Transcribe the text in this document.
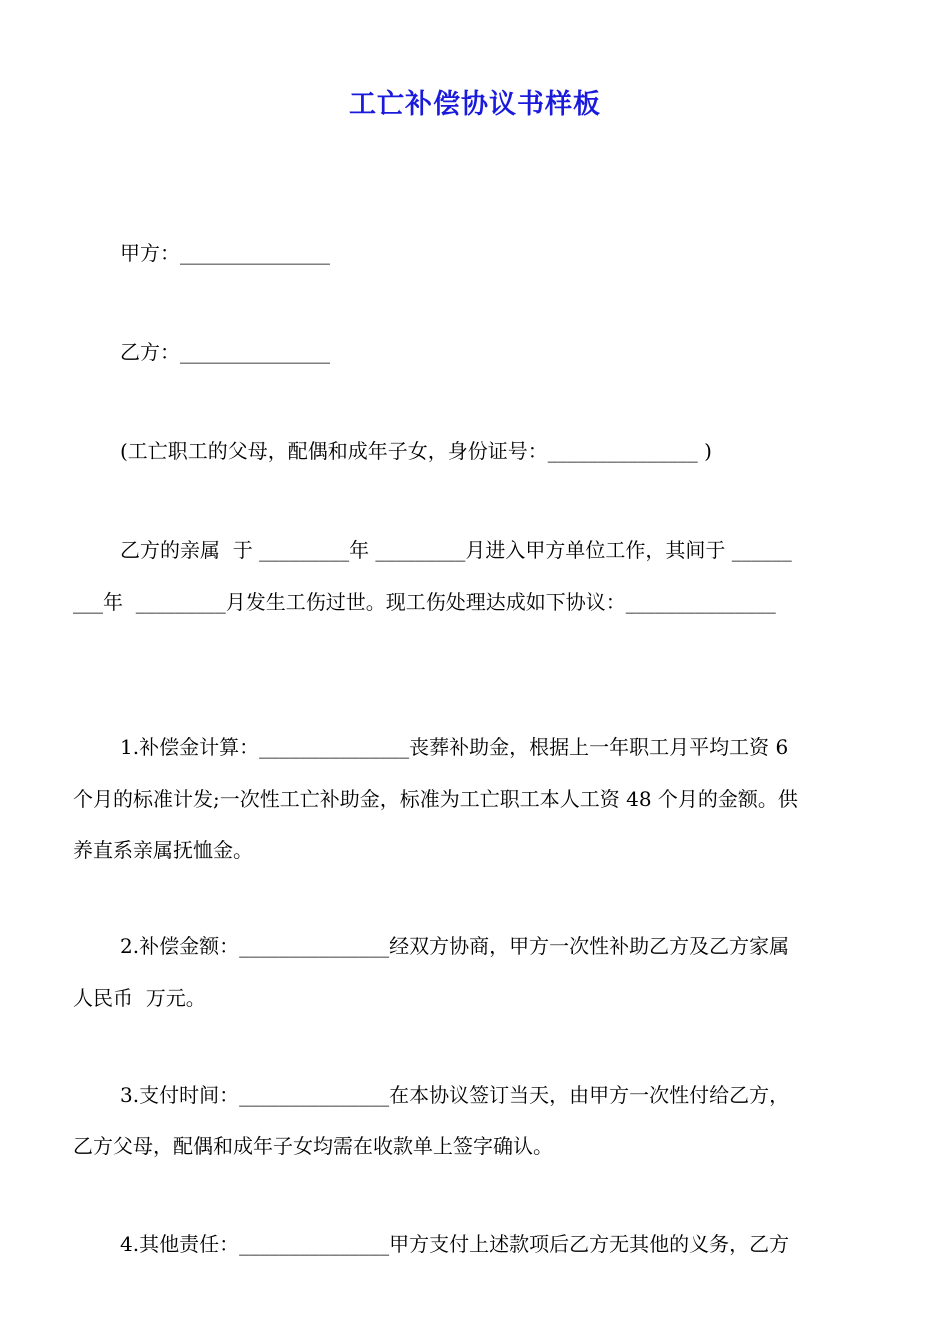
工亡补偿协议书样板
甲方：_______________
乙方：_______________
(工亡职工的父母，配偶和成年子女，身份证号：_______________ )
乙方的亲属  于 _________年 _________月进入甲方单位工作，其间于 ______
___年  _________月发生工伤过世。现工伤处理达成如下协议：_______________
1.补偿金计算：_______________丧葬补助金，根据上一年职工月平均工资 6
个月的标准计发;一次性工亡补助金，标准为工亡职工本人工资 48 个月的金额。供
养直系亲属抚恤金。
2.补偿金额：_______________经双方协商，甲方一次性补助乙方及乙方家属
人民币  万元。
3.支付时间：_______________在本协议签订当天，由甲方一次性付给乙方，
乙方父母，配偶和成年子女均需在收款单上签字确认。
4.其他责任：_______________甲方支付上述款项后乙方无其他的义务，乙方
